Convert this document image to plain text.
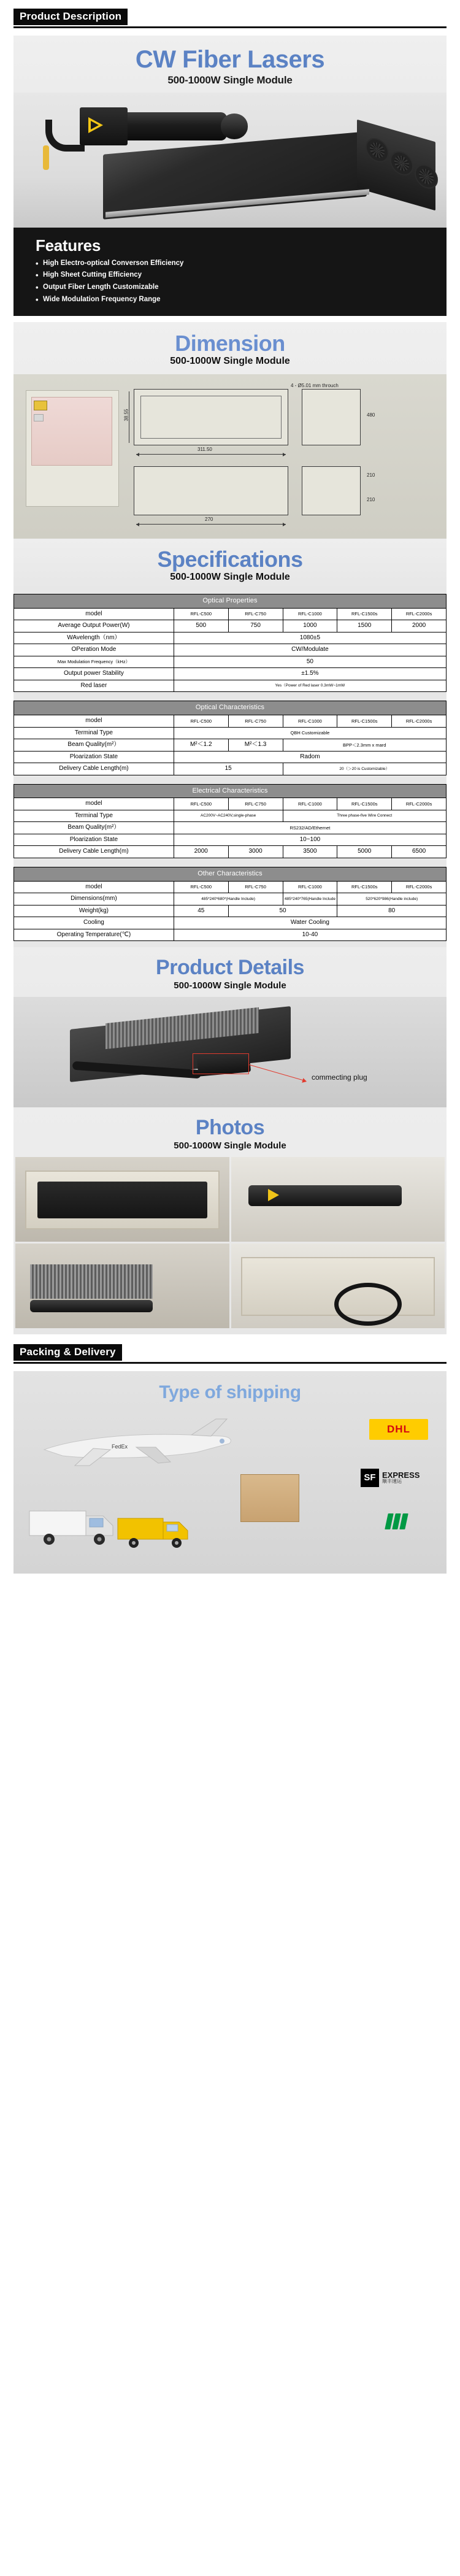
Product Description
CW Fiber Lasers
500-1000W Single Module
Features
• High Electro-optical Converson Efficiency
• High Sheet Cutting Efficiency
• Output Fiber Length Customizable
• Wide Modulation Frequency Range
Dimension
500-1000W Single Module
311.50
270
38.55
4 - Ø5.01 mm throuch
480
210
210
Specifications
500-1000W Single Module
Optical Properties					
model	RFL-C500	RFL-C750	RFL-C1000	RFL-C1500s	RFL-C2000s
Average Output Power(W)	500	750	1000	1500	2000
WAvelength（nm）	1080±5				
OPeration Mode	CW/Modulate				
Max Modulation Frequency（kHz）	50				
Output power Stability	±1.5%				
Red laser	Yes（Power of Red laser 0.3mW~1mW				
Optical Characteristics					
model	RFL-C500	RFL-C750	RFL-C1000	RFL-C1500s	RFL-C2000s
Terminal Type	QBH Customizable				
Beam Quality(m²）	M²＜1.2	M²＜1.3	BPP＜2.3mm x mard		
Ploarization State	Radom				
Delivery Cable Length(m)	15		20（＞20 is Customizable）		
Electrical Characteristics					
model	RFL-C500	RFL-C750	RFL-C1000	RFL-C1500s	RFL-C2000s
Terminal Type	AC200V~AC240V,single-phase		Three phase-five Wire Connect		
Beam Quality(m²）	RS232/AD/Ethernet				
Ploarization State	10~100				
Delivery Cable Length(m)	2000	3000	3500	5000	6500
Other Characteristics					
model	RFL-C500	RFL-C750	RFL-C1000	RFL-C1500s	RFL-C2000s
Dimensions(mm)	485*240*680*(Handle Include)		485*240*765(Handle Include	520*620*986(Handle include)	
Weight(kg)	45	50		80	
Cooling	Water Cooling				
Operating Temperature(℃)	10-40				
Product Details
500-1000W Single Module
commecting plug
Photos
500-1000W Single Module
Packing & Delivery
Type of shipping
FedEx
DHL
SF EXPRESS
顺丰速运
